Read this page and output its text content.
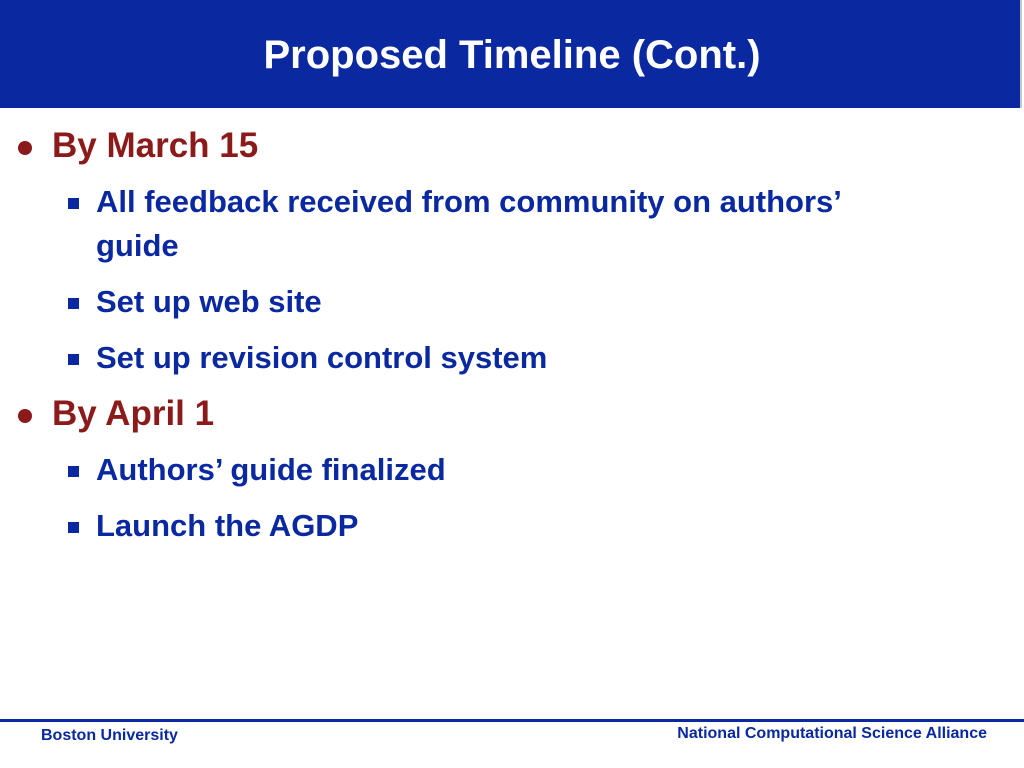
Proposed Timeline (Cont.)
By March 15
All feedback received from community on authors’ guide
Set up web site
Set up revision control system
By April 1
Authors’ guide finalized
Launch the AGDP
Boston University	National Computational Science Alliance
